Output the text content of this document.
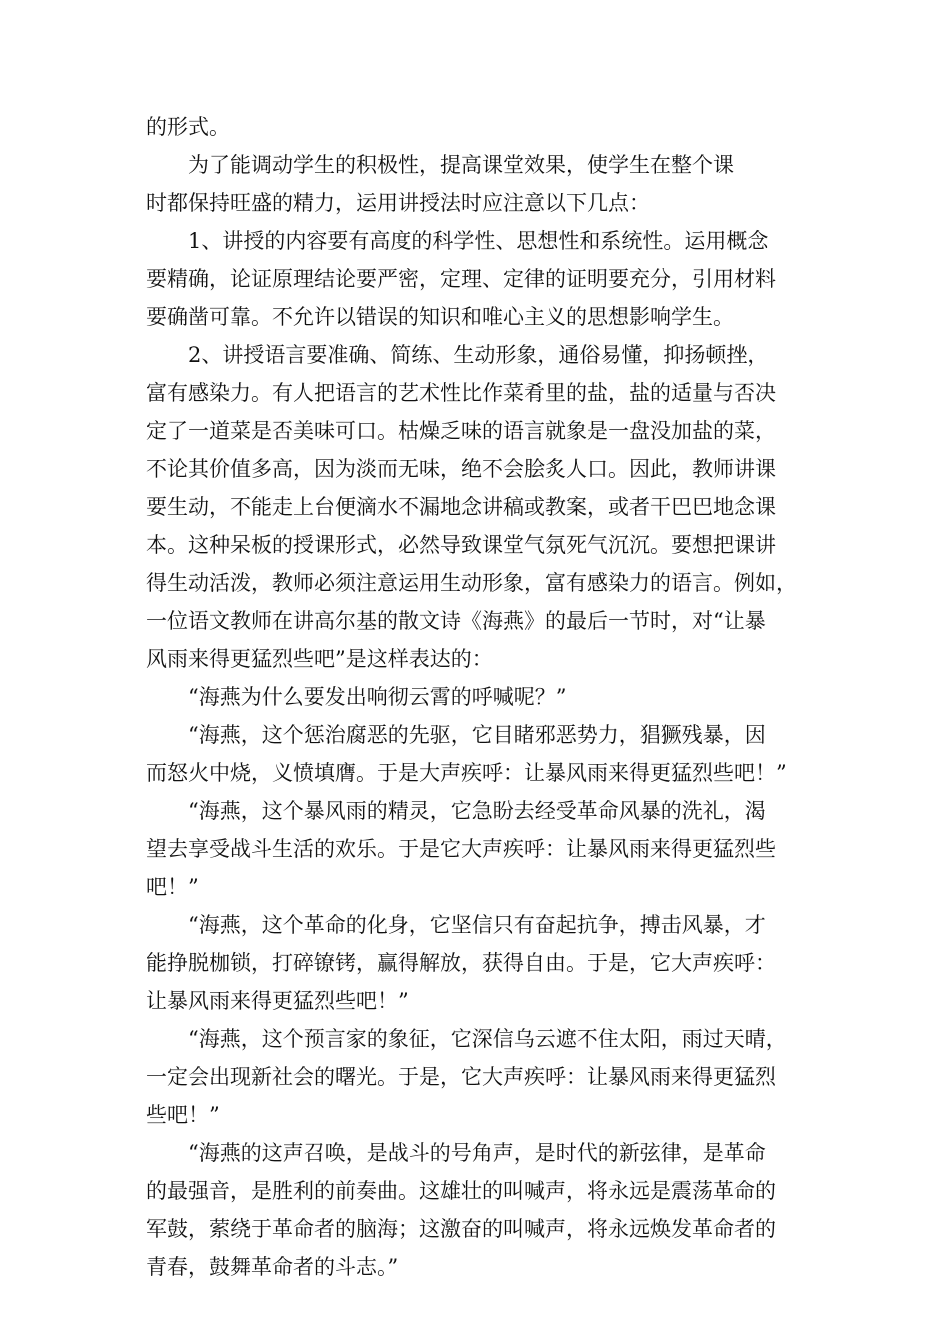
的形式。
为了能调动学生的积极性，提高课堂效果，使学生在整个课
时都保持旺盛的精力，运用讲授法时应注意以下几点：
1、讲授的内容要有高度的科学性、思想性和系统性。运用概念
要精确，论证原理结论要严密，定理、定律的证明要充分，引用材料
要确凿可靠。不允许以错误的知识和唯心主义的思想影响学生。
2、讲授语言要准确、简练、生动形象，通俗易懂，抑扬顿挫，
富有感染力。有人把语言的艺术性比作菜肴里的盐，盐的适量与否决
定了一道菜是否美味可口。枯燥乏味的语言就象是一盘没加盐的菜，
不论其价值多高，因为淡而无味，绝不会脍炙人口。因此，教师讲课
要生动，不能走上台便滴水不漏地念讲稿或教案，或者干巴巴地念课
本。这种呆板的授课形式，必然导致课堂气氛死气沉沉。要想把课讲
得生动活泼，教师必须注意运用生动形象，富有感染力的语言。例如，
一位语文教师在讲高尔基的散文诗《海燕》的最后一节时，对“让暴
风雨来得更猛烈些吧”是这样表达的：
“海燕为什么要发出响彻云霄的呼喊呢？”
“海燕，这个惩治腐恶的先驱，它目睹邪恶势力，猖獗残暴，因
而怒火中烧，义愤填膺。于是大声疾呼：让暴风雨来得更猛烈些吧！”
“海燕，这个暴风雨的精灵，它急盼去经受革命风暴的洗礼，渴
望去享受战斗生活的欢乐。于是它大声疾呼：让暴风雨来得更猛烈些
吧！”
“海燕，这个革命的化身，它坚信只有奋起抗争，搏击风暴，才
能挣脱枷锁，打碎镣铐，赢得解放，获得自由。于是，它大声疾呼：
让暴风雨来得更猛烈些吧！”
“海燕，这个预言家的象征，它深信乌云遮不住太阳，雨过天晴，
一定会出现新社会的曙光。于是，它大声疾呼：让暴风雨来得更猛烈
些吧！”
“海燕的这声召唤，是战斗的号角声，是时代的新弦律，是革命
的最强音，是胜利的前奏曲。这雄壮的叫喊声，将永远是震荡革命的
军鼓，萦绕于革命者的脑海；这激奋的叫喊声，将永远焕发革命者的
青春，鼓舞革命者的斗志。”
